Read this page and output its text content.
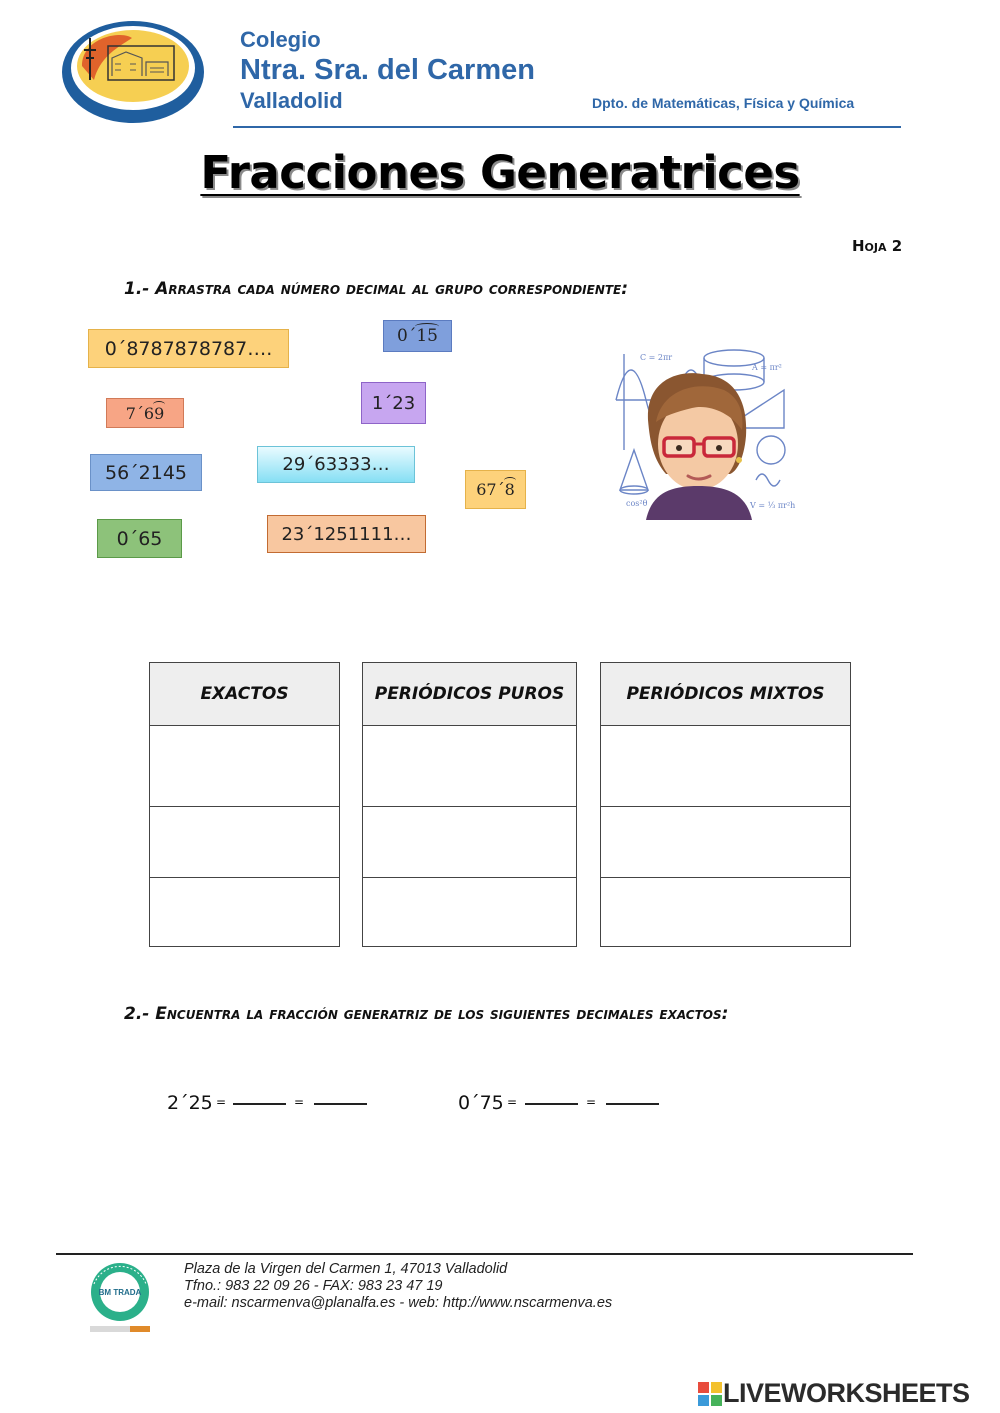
Colegio
Ntra. Sra. del Carmen
Valladolid	Dpto. de Matemáticas, Física y Química
Fracciones Generatrices
Hoja 2
1.- Arrastra cada número decimal al grupo correspondiente:
0´8787878787….
0´ 15
7´6 9	1´23
56´2145	29´63333…
67´ 8
0´65	23´1251111…
C = 2πr
A = πr²
V = ⅓ πr²h
cos²θ
EXACTOS	PERIÓDICOS PUROS	PERIÓDICOS MIXTOS
2.- Encuentra la fracción generatriz de los siguientes decimales exactos:
2´25 =	=	0´75 =	=
BM TRADA
Plaza de la Virgen del Carmen 1, 47013 Valladolid
Tfno.: 983 22 09 26 - FAX: 983 23 47 19
e-mail: nscarmenva@planalfa.es - web: http://www.nscarmenva.es
LIVEWORKSHEETS
